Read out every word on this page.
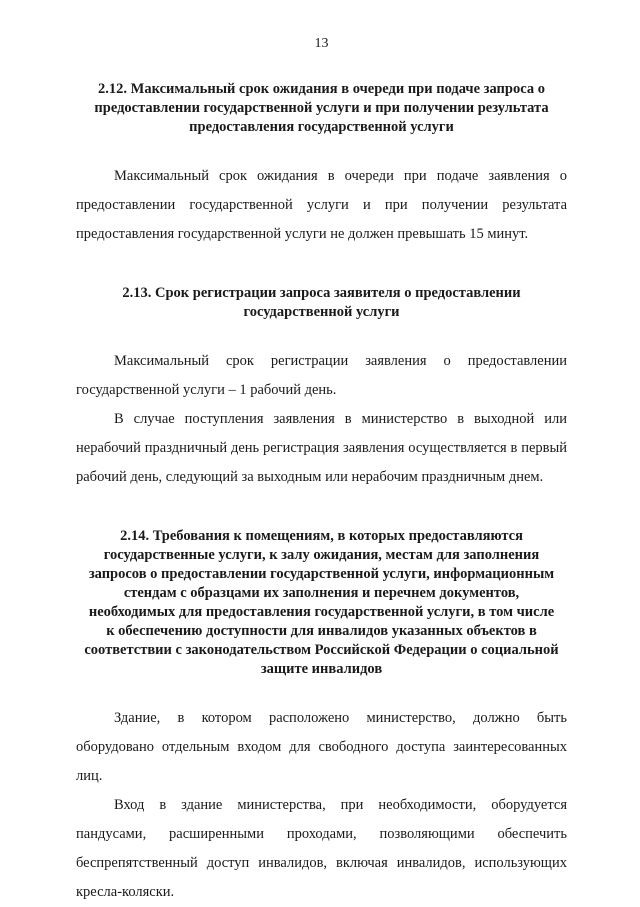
13
2.12. Максимальный срок ожидания в очереди при подаче запроса о предоставлении государственной услуги и при получении результата предоставления государственной услуги

Максимальный срок ожидания в очереди при подаче заявления о предоставлении государственной услуги и при получении результата предоставления государственной услуги не должен превышать 15 минут.

2.13. Срок регистрации запроса заявителя о предоставлении государственной услуги

Максимальный срок регистрации заявления о предоставлении государственной услуги – 1 рабочий день.

В случае поступления заявления в министерство в выходной или нерабочий праздничный день регистрация заявления осуществляется в первый рабочий день, следующий за выходным или нерабочим праздничным днем.

2.14. Требования к помещениям, в которых предоставляются государственные услуги, к залу ожидания, местам для заполнения запросов о предоставлении государственной услуги, информационным стендам с образцами их заполнения и перечнем документов, необходимых для предоставления государственной услуги, в том числе к обеспечению доступности для инвалидов указанных объектов в соответствии с законодательством Российской Федерации о социальной защите инвалидов

Здание, в котором расположено министерство, должно быть оборудовано отдельным входом для свободного доступа заинтересованных лиц.

Вход в здание министерства, при необходимости, оборудуется пандусами, расширенными проходами, позволяющими обеспечить беспрепятственный доступ инвалидов, включая инвалидов, использующих кресла-коляски.
